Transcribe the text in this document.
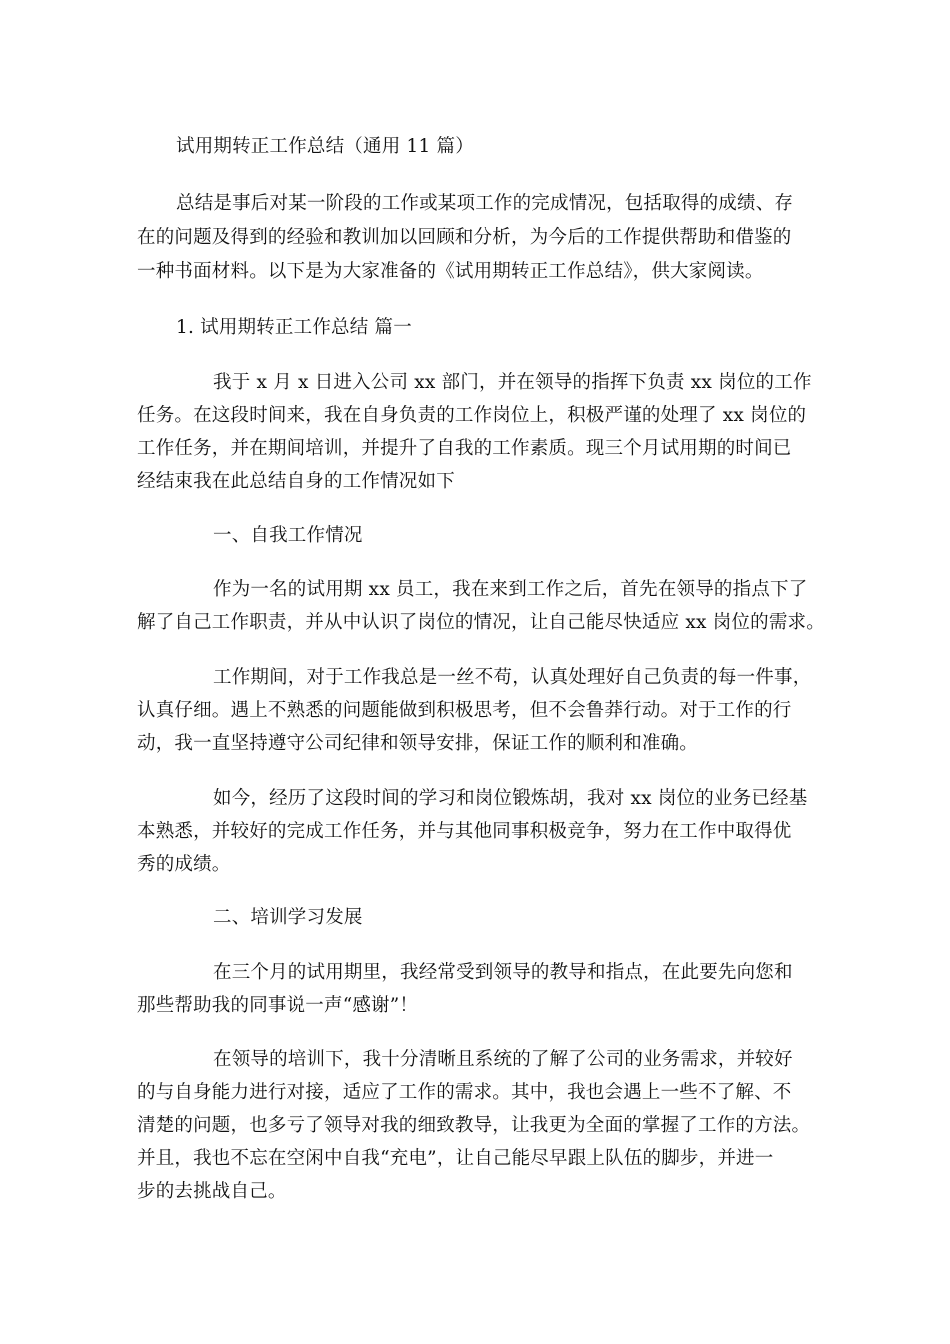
试用期转正工作总结（通用 11 篇）
总结是事后对某一阶段的工作或某项工作的完成情况，包括取得的成绩、存
在的问题及得到的经验和教训加以回顾和分析，为今后的工作提供帮助和借鉴的
一种书面材料。以下是为大家准备的《试用期转正工作总结》，供大家阅读。
1. 试用期转正工作总结 篇一
我于 x 月 x 日进入公司 xx 部门，并在领导的指挥下负责 xx 岗位的工作
任务。在这段时间来，我在自身负责的工作岗位上，积极严谨的处理了 xx 岗位的
工作任务，并在期间培训，并提升了自我的工作素质。现三个月试用期的时间已
经结束我在此总结自身的工作情况如下
一、自我工作情况
作为一名的试用期 xx 员工，我在来到工作之后，首先在领导的指点下了
解了自己工作职责，并从中认识了岗位的情况，让自己能尽快适应 xx 岗位的需求。
工作期间，对于工作我总是一丝不苟，认真处理好自己负责的每一件事，
认真仔细。遇上不熟悉的问题能做到积极思考，但不会鲁莽行动。对于工作的行
动，我一直坚持遵守公司纪律和领导安排，保证工作的顺利和准确。
如今，经历了这段时间的学习和岗位锻炼胡，我对 xx 岗位的业务已经基
本熟悉，并较好的完成工作任务，并与其他同事积极竞争，努力在工作中取得优
秀的成绩。
二、培训学习发展
在三个月的试用期里，我经常受到领导的教导和指点，在此要先向您和
那些帮助我的同事说一声“感谢”！
在领导的培训下，我十分清晰且系统的了解了公司的业务需求，并较好
的与自身能力进行对接，适应了工作的需求。其中，我也会遇上一些不了解、不
清楚的问题，也多亏了领导对我的细致教导，让我更为全面的掌握了工作的方法。
并且，我也不忘在空闲中自我“充电”，让自己能尽早跟上队伍的脚步，并进一
步的去挑战自己。
